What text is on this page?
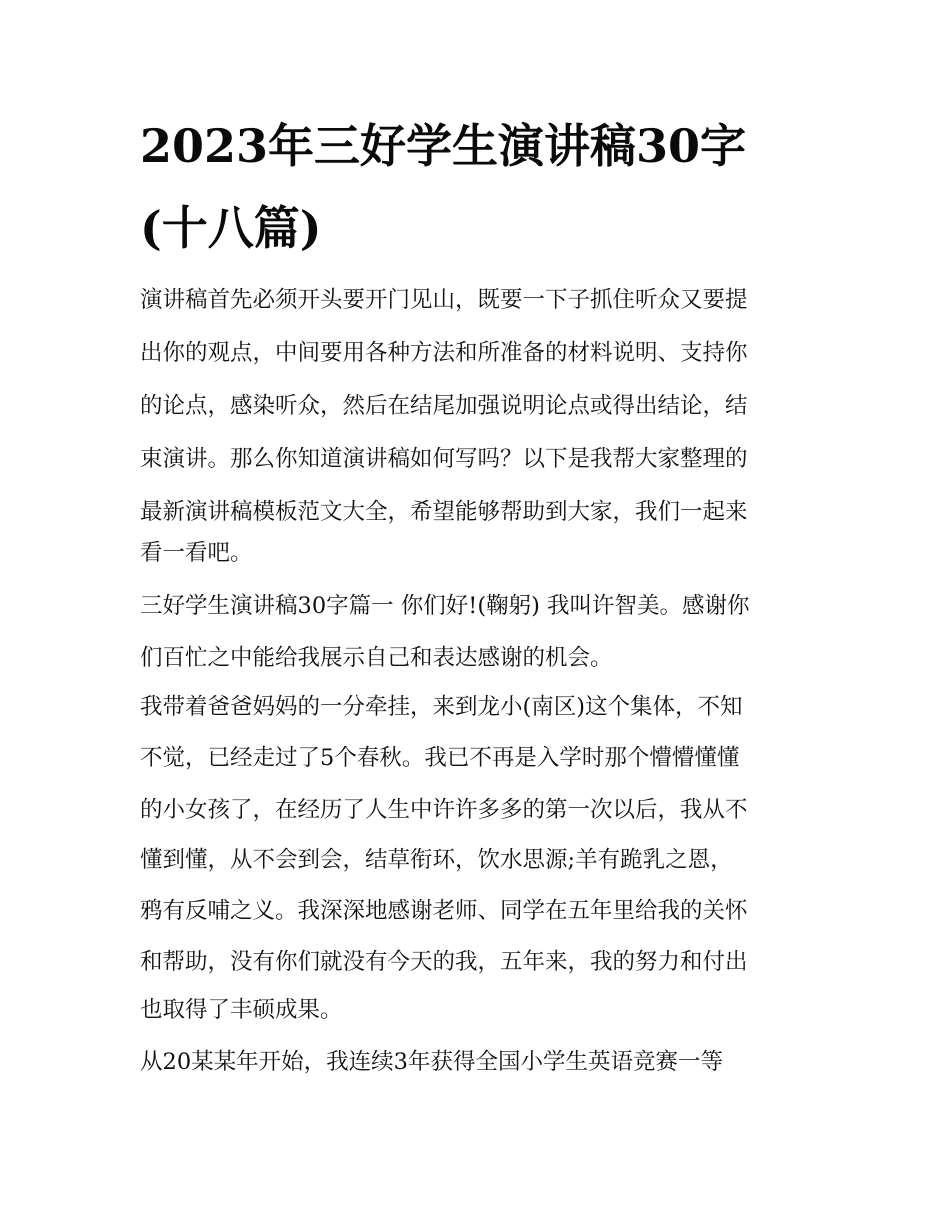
2023年三好学生演讲稿30字
(十八篇)

演讲稿首先必须开头要开门见山，既要一下子抓住听众又要提

出你的观点，中间要用各种方法和所准备的材料说明、支持你

的论点，感染听众，然后在结尾加强说明论点或得出结论，结

束演讲。那么你知道演讲稿如何写吗？以下是我帮大家整理的

最新演讲稿模板范文大全，希望能够帮助到大家，我们一起来

看一看吧。

三好学生演讲稿30字篇一 你们好!(鞠躬) 我叫许智美。感谢你

们百忙之中能给我展示自己和表达感谢的机会。

我带着爸爸妈妈的一分牵挂，来到龙小(南区)这个集体，不知

不觉，已经走过了5个春秋。我已不再是入学时那个懵懵懂懂

的小女孩了，在经历了人生中许许多多的第一次以后，我从不

懂到懂，从不会到会，结草衔环，饮水思源;羊有跪乳之恩，

鸦有反哺之义。我深深地感谢老师、同学在五年里给我的关怀

和帮助，没有你们就没有今天的我，五年来，我的努力和付出

也取得了丰硕成果。

从20某某年开始，我连续3年获得全国小学生英语竞赛一等
